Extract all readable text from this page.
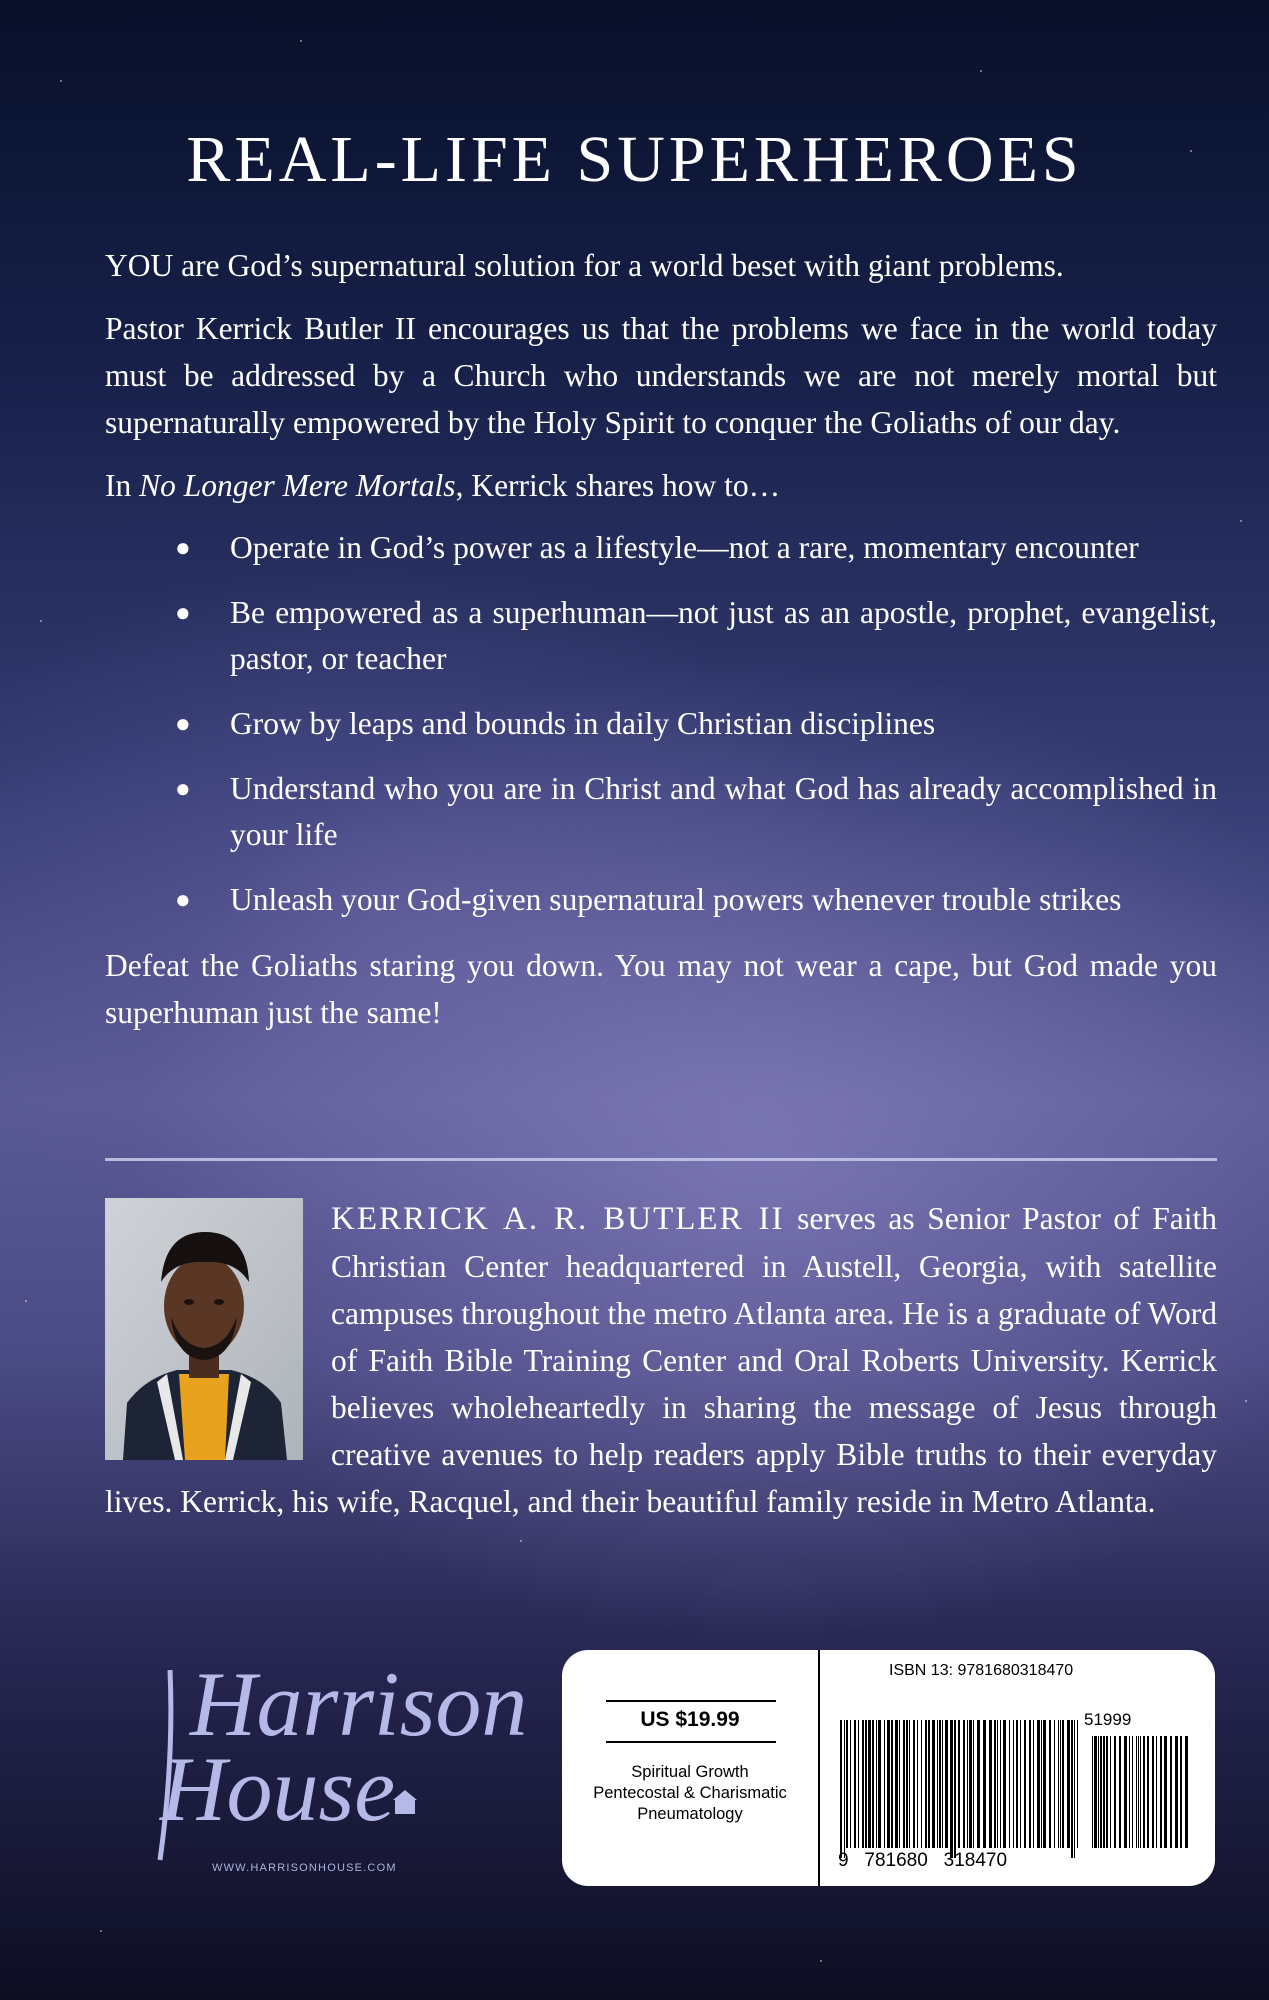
REAL-LIFE SUPERHEROES

YOU are God’s supernatural solution for a world beset with giant problems.

Pastor Kerrick Butler II encourages us that the problems we face in the world today must be addressed by a Church who understands we are not merely mortal but supernaturally empowered by the Holy Spirit to conquer the Goliaths of our day.

In No Longer Mere Mortals, Kerrick shares how to…

● Operate in God’s power as a lifestyle—not a rare, momentary encounter
● Be empowered as a superhuman—not just as an apostle, prophet, evangelist, pastor, or teacher
● Grow by leaps and bounds in daily Christian disciplines
● Understand who you are in Christ and what God has already accomplished in your life
● Unleash your God-given supernatural powers whenever trouble strikes

Defeat the Goliaths staring you down. You may not wear a cape, but God made you superhuman just the same!

KERRICK A. R. BUTLER II serves as Senior Pastor of Faith Christian Center headquartered in Austell, Georgia, with satellite campuses throughout the metro Atlanta area. He is a graduate of Word of Faith Bible Training Center and Oral Roberts University. Kerrick believes wholeheartedly in sharing the message of Jesus through creative avenues to help readers apply Bible truths to their everyday lives. Kerrick, his wife, Racquel, and their beautiful family reside in Metro Atlanta.

Harrison
House
WWW.HARRISONHOUSE.COM
US $19.99
Spiritual Growth
Pentecostal & Charismatic
Pneumatology
ISBN 13: 9781680318470
51999
9   781680   318470
